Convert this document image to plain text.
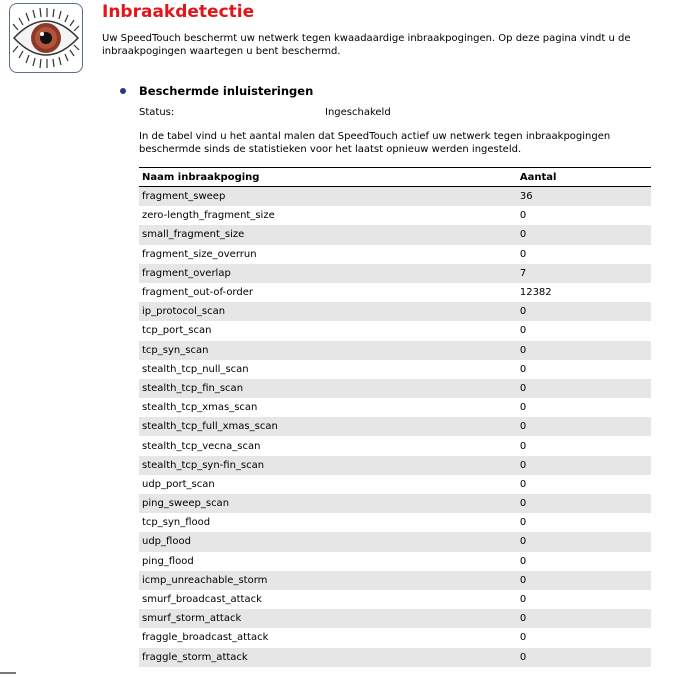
Inbraakdetectie

Uw SpeedTouch beschermt uw netwerk tegen kwaadaardige inbraakpogingen. Op deze pagina vindt u de inbraakpogingen waartegen u bent beschermd.

Beschermde inluisteringen
Status:	Ingeschakeld

In de tabel vind u het aantal malen dat SpeedTouch actief uw netwerk tegen inbraakpogingen beschermde sinds de statistieken voor het laatst opnieuw werden ingesteld.

Naam inbraakpoging	Aantal
fragment_sweep	36
zero-length_fragment_size	0
small_fragment_size	0
fragment_size_overrun	0
fragment_overlap	7
fragment_out-of-order	12382
ip_protocol_scan	0
tcp_port_scan	0
tcp_syn_scan	0
stealth_tcp_null_scan	0
stealth_tcp_fin_scan	0
stealth_tcp_xmas_scan	0
stealth_tcp_full_xmas_scan	0
stealth_tcp_vecna_scan	0
stealth_tcp_syn-fin_scan	0
udp_port_scan	0
ping_sweep_scan	0
tcp_syn_flood	0
udp_flood	0
ping_flood	0
icmp_unreachable_storm	0
smurf_broadcast_attack	0
smurf_storm_attack	0
fraggle_broadcast_attack	0
fraggle_storm_attack	0
